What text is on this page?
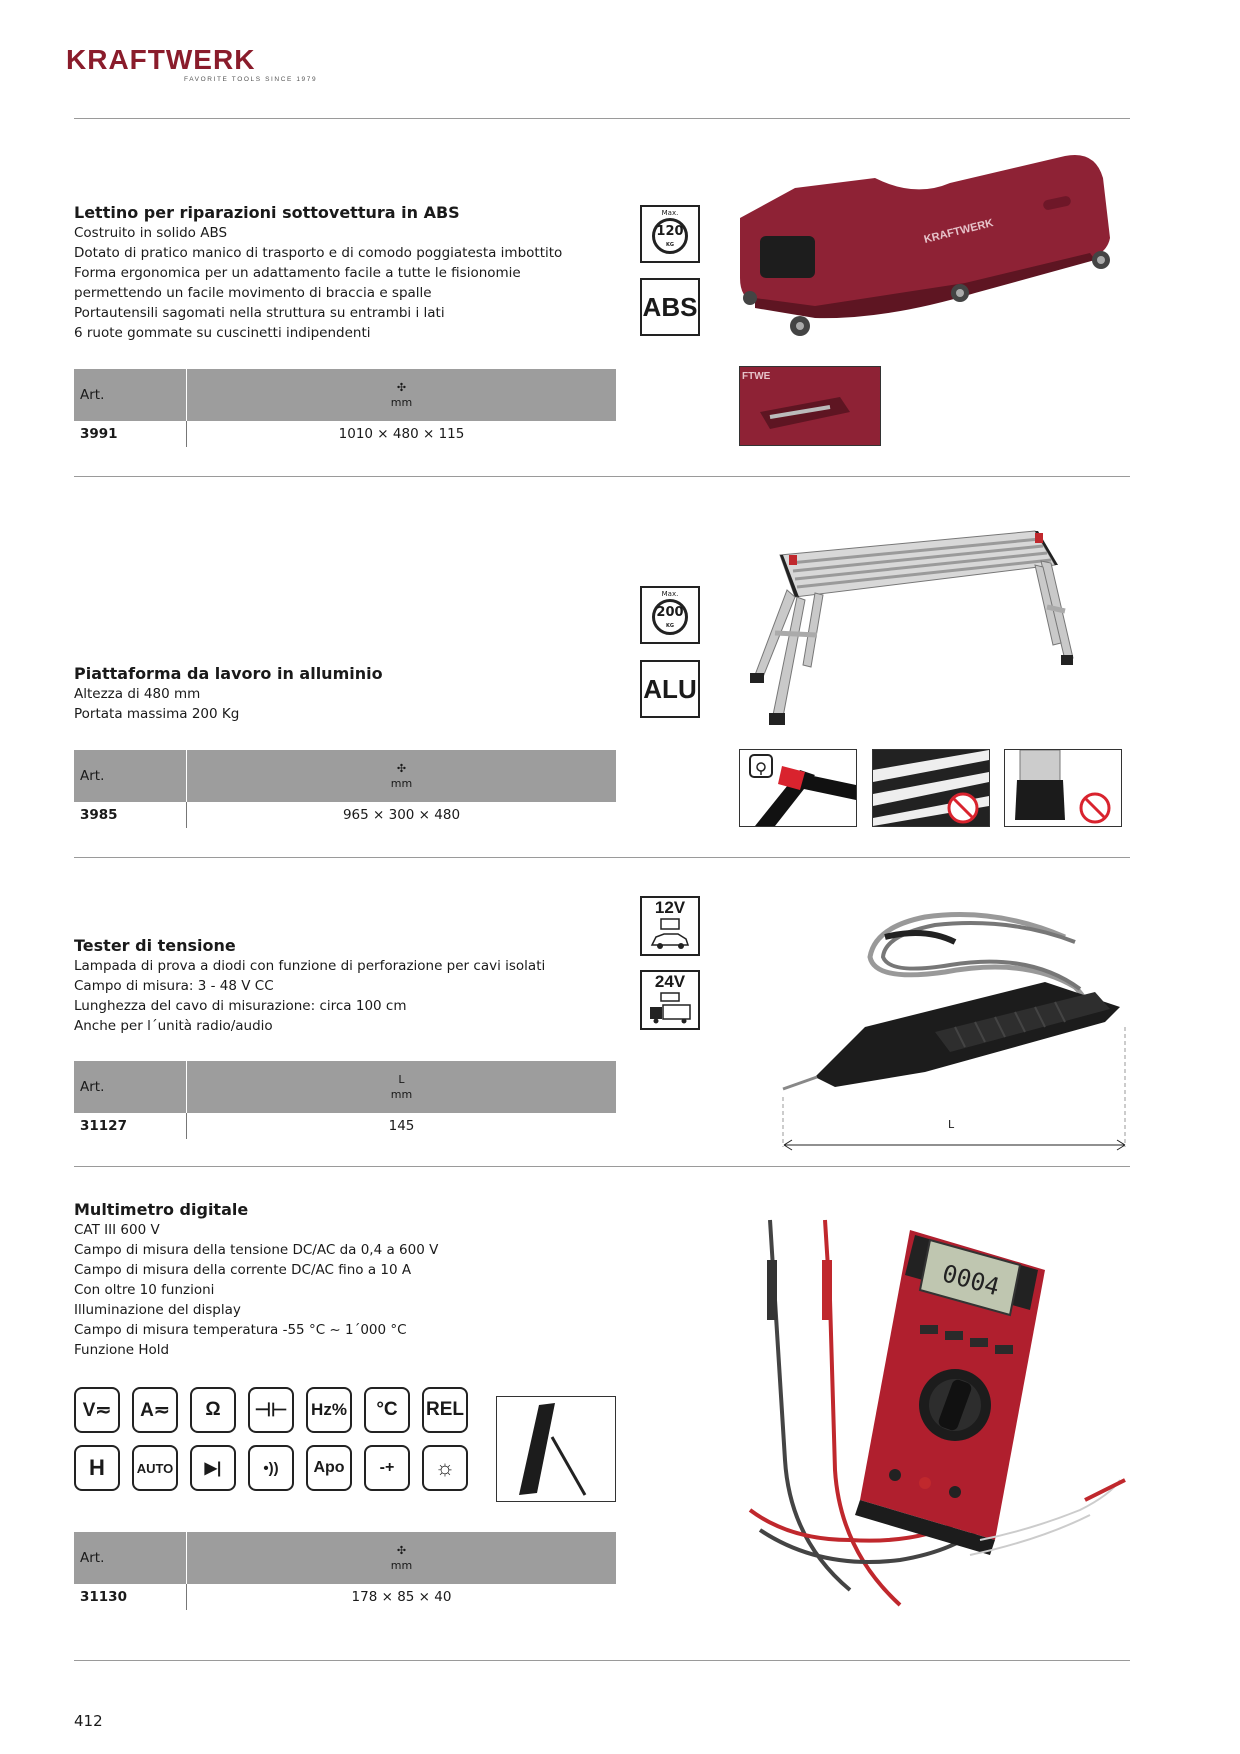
KRAFTWERK
FAVORITE TOOLS SINCE 1979
Lettino per riparazioni sottovettura in ABS
Costruito in solido ABS
Dotato di pratico manico di trasporto e di comodo poggiatesta imbottito
Forma ergonomica per un adattamento facile a tutte le fisionomie
permettendo un facile movimento di braccia e spalle
Portautensili sagomati nella struttura su entrambi i lati
6 ruote gommate su cuscinetti indipendenti
Art.	✣
mm
3991	1010 × 480 × 115
Max.
120
KG
ABS
KRAFTWERK
FTWE
Piattaforma da lavoro in alluminio
Altezza di 480 mm
Portata massima 200 Kg
Art.	✣
mm
3985	965 × 300 × 480
Max.
200
KG
ALU
Tester di tensione
Lampada di prova a diodi con funzione di perforazione per cavi isolati
Campo di misura: 3 - 48 V CC
Lunghezza del cavo di misurazione: circa 100 cm
Anche per l´unità radio/audio
Art.	L
mm
31127	145
12V
24V
L
Multimetro digitale
CAT III 600 V
Campo di misura della tensione DC/AC da 0,4 a 600 V
Campo di misura della corrente DC/AC fino a 10 A
Con oltre 10 funzioni
Illuminazione del display
Campo di misura temperatura -55 °C ~ 1´000 °C
Funzione Hold
V≂	A≂	Ω	⊣⊢	Hz%	°C	REL
H	AUTO	▶|	•))	Apo	-+	☼
Art.	✣
mm
31130	178 × 85 × 40
0004
412
